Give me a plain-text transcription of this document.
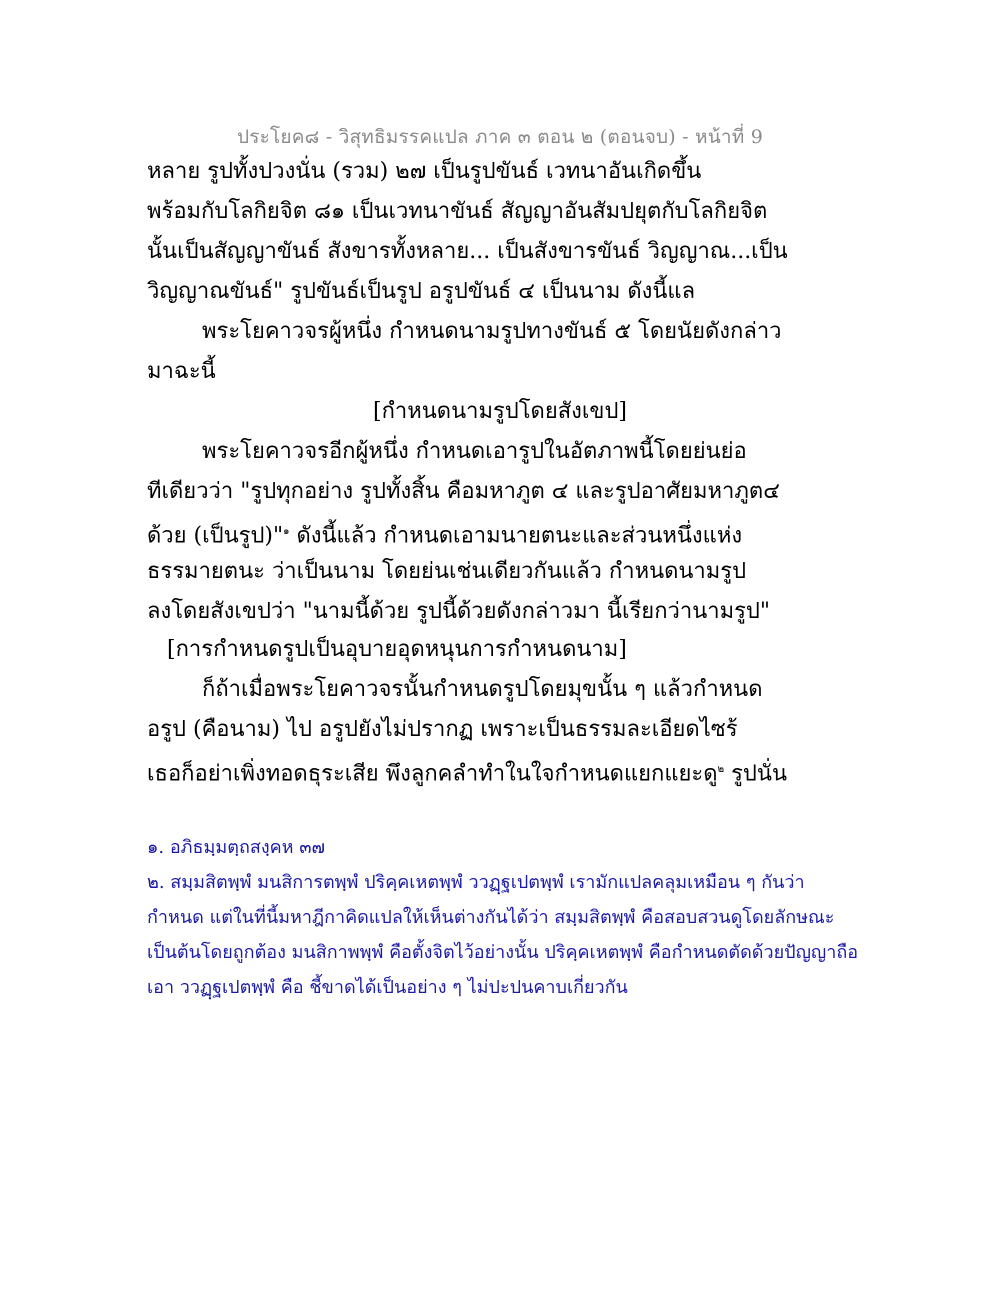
ประโยค๘ - วิสุทธิมรรคแปล ภาค ๓ ตอน ๒ (ตอนจบ) - หน้าที่ 9
หลาย รูปทั้งปวงนั่น (รวม) ๒๗ เป็นรูปขันธ์ เวทนาอันเกิดขึ้น
พร้อมกับโลกิยจิต ๘๑ เป็นเวทนาขันธ์ สัญญาอันสัมปยุตกับโลกิยจิต
นั้นเป็นสัญญาขันธ์ สังขารทั้งหลาย... เป็นสังขารขันธ์ วิญญาณ...เป็น
วิญญาณขันธ์" รูปขันธ์เป็นรูป อรูปขันธ์ ๔ เป็นนาม ดังนี้แล
พระโยคาวจรผู้หนึ่ง กำหนดนามรูปทางขันธ์ ๕ โดยนัยดังกล่าว
มาฉะนี้
[กำหนดนามรูปโดยสังเขป]
พระโยคาวจรอีกผู้หนึ่ง กำหนดเอารูปในอัตภาพนี้โดยย่นย่อ
ทีเดียวว่า "รูปทุกอย่าง รูปทั้งสิ้น คือมหาภูต ๔ และรูปอาศัยมหาภูต๔
ด้วย (เป็นรูป)"$^๑$ ดังนี้แล้ว กำหนดเอามนายตนะและส่วนหนึ่งแห่ง
ธรรมายตนะ ว่าเป็นนาม โดยย่นเช่นเดียวกันแล้ว กำหนดนามรูป
ลงโดยสังเขปว่า "นามนี้ด้วย รูปนี้ด้วยดังกล่าวมา นี้เรียกว่านามรูป"
[การกำหนดรูปเป็นอุบายอุดหนุนการกำหนดนาม]
ก็ถ้าเมื่อพระโยคาวจรนั้นกำหนดรูปโดยมุขนั้น ๆ แล้วกำหนด
อรูป (คือนาม) ไป อรูปยังไม่ปรากฏ เพราะเป็นธรรมละเอียดไซร้
เธอก็อย่าเพิ่งทอดธุระเสีย พึงลูกคลำทำในใจกำหนดแยกแยะดู$^๒$ รูปนั่น
๑. อภิธมฺมตฺถสงฺคห ๓๗
๒. สมฺมสิตพฺพํ มนสิการตพฺพํ ปริคฺคเหตพฺพํ ววฏฺฐเปตพฺพํ เรามักแปลคลุมเหมือน ๆ กันว่า
กำหนด แต่ในที่นี้มหาฎีกาคิดแปลให้เห็นต่างกันได้ว่า สมฺมสิตพฺพํ คือสอบสวนดูโดยลักษณะ
เป็นต้นโดยถูกต้อง มนสิกาพพฺพํ คือตั้งจิตไว้อย่างนั้น ปริคฺคเหตพฺพํ คือกำหนดตัดด้วยปัญญาถือ
เอา ววฏฺฐเปตพฺพํ คือ ชี้ขาดได้เป็นอย่าง ๆ ไม่ปะปนคาบเกี่ยวกัน
